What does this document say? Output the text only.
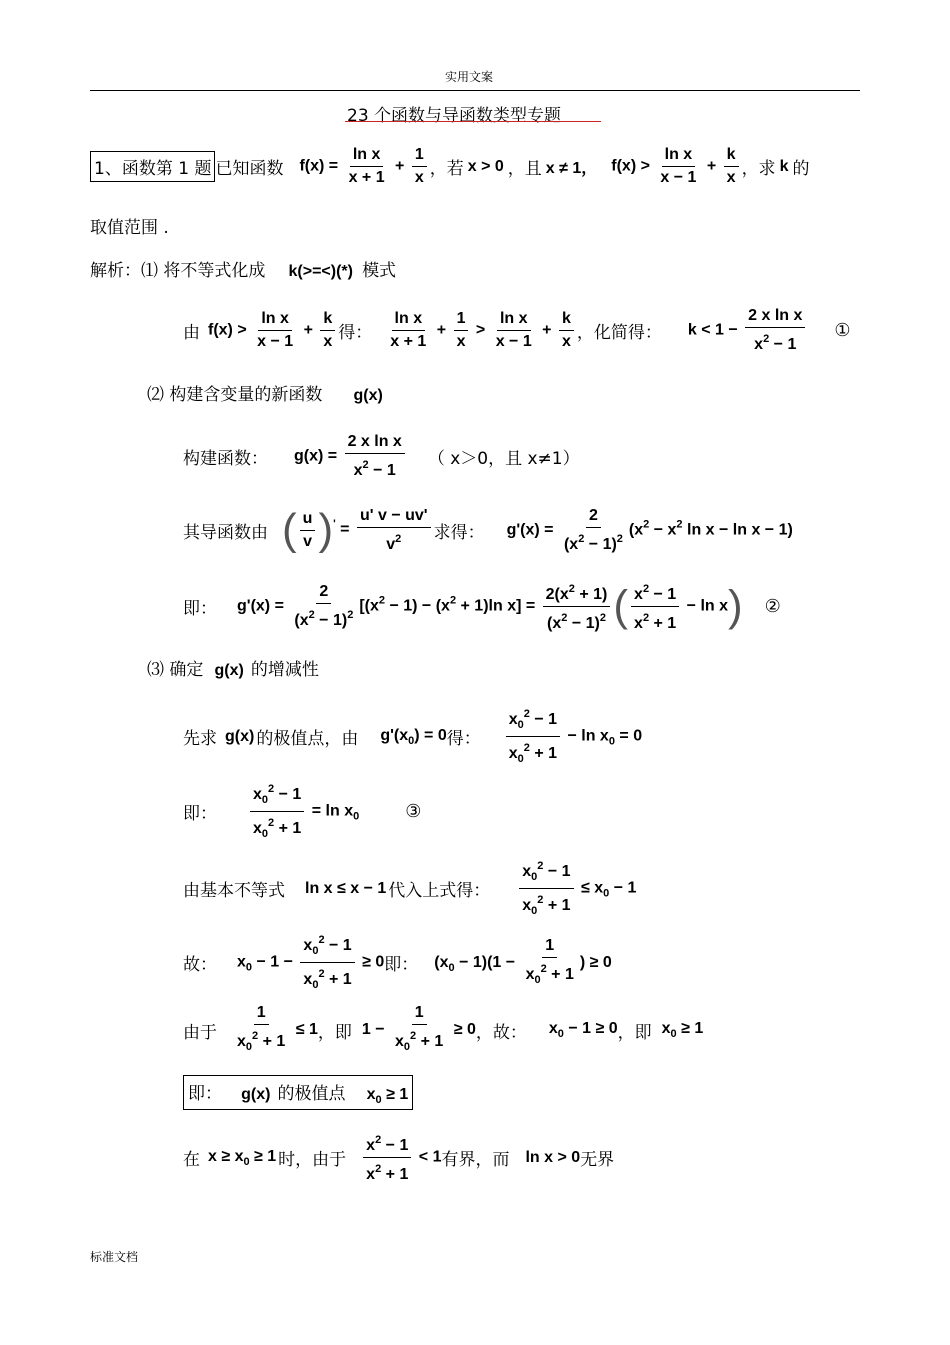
实用文案
23 个函数与导函数类型专题
1、函数第 1 题 已知函数 $f(x) = \frac{\text{ln x}}{x + 1} + \frac{1}{x}$ ，若 x > 0 ，且 x ≠ 1， $f(x) > \frac{\text{ln x}}{x - 1} + \frac{k}{x}$ ，求 k 的
取值范围 .
解析：⑴ 将不等式化成 k(>=<)(*) 模式
由 $f(x) > \frac{\text{ln x}}{x - 1} + \frac{k}{x}$ 得： $\frac{\text{ln x}}{x + 1} + \frac{1}{x} > \frac{\text{ln x}}{x - 1} + \frac{k}{x}$ ，化简得： $k < 1 - \frac{\text{2 x ln x}}{x^2 - 1}$ ①
⑵ 构建含变量的新函数 g(x)
构建函数： $g(x) = \frac{\text{2 x ln x}}{x^2 - 1}$ （ x＞0，且 x≠1）
其导函数由 ( $\frac{u}{v} )' = \frac{u' v - uv'}{v^2}$ 求得： $g'(x) = \frac{2}{(x^2 - 1)^2} (x^2 - x^2$ ln x − ln x − 1)
即： $g'(x) = \frac{2}{(x^2 - 1)^2} [(x^2 - 1) - (x^2 + 1)\ln$ $x] = \frac{2(x^2 + 1)}{(x^2 - 1)^2}$ ( $\frac{x^2 - 1}{x^2 + 1} - \ln x$) ②
⑶ 确定 g(x) 的增减性
先求 g(x) 的极值点，由 $g'(x_0) = 0$ 得： $\frac{x_0^2 - 1}{x_0^2 + 1} - \ln x_0 = 0$
即： $\frac{x_0^2 - 1}{x_0^2 + 1} = \ln x_0$	③
由基本不等式 ln x ≤ x − 1 代入上式得： $\frac{x_0^2 - 1}{x_0^2 + 1} \le x_0 - 1$
故： $x_0 - 1 - \frac{x_0^2 - 1}{x_0^2 + 1} \ge 0$ 即： $(x_0 - 1)(1 - \frac{1}{x_0^2 + 1}$ ) ≥ 0
由于 $\frac{1}{x_0^2 + 1} \le 1$ ，即 $1 - \frac{1}{x_0^2 + 1} \ge 0$ ，故： $x_0 - 1 \ge 0$ ，即 $x_0 \ge 1$
即： g(x) 的极值点 $x_0 \ge 1$
在 $x \ge x_0 \ge 1$ 时，由于 $\frac{x^2 - 1}{x^2 + 1} < 1$ 有界，而 ln x > 0 无界
标准文档
